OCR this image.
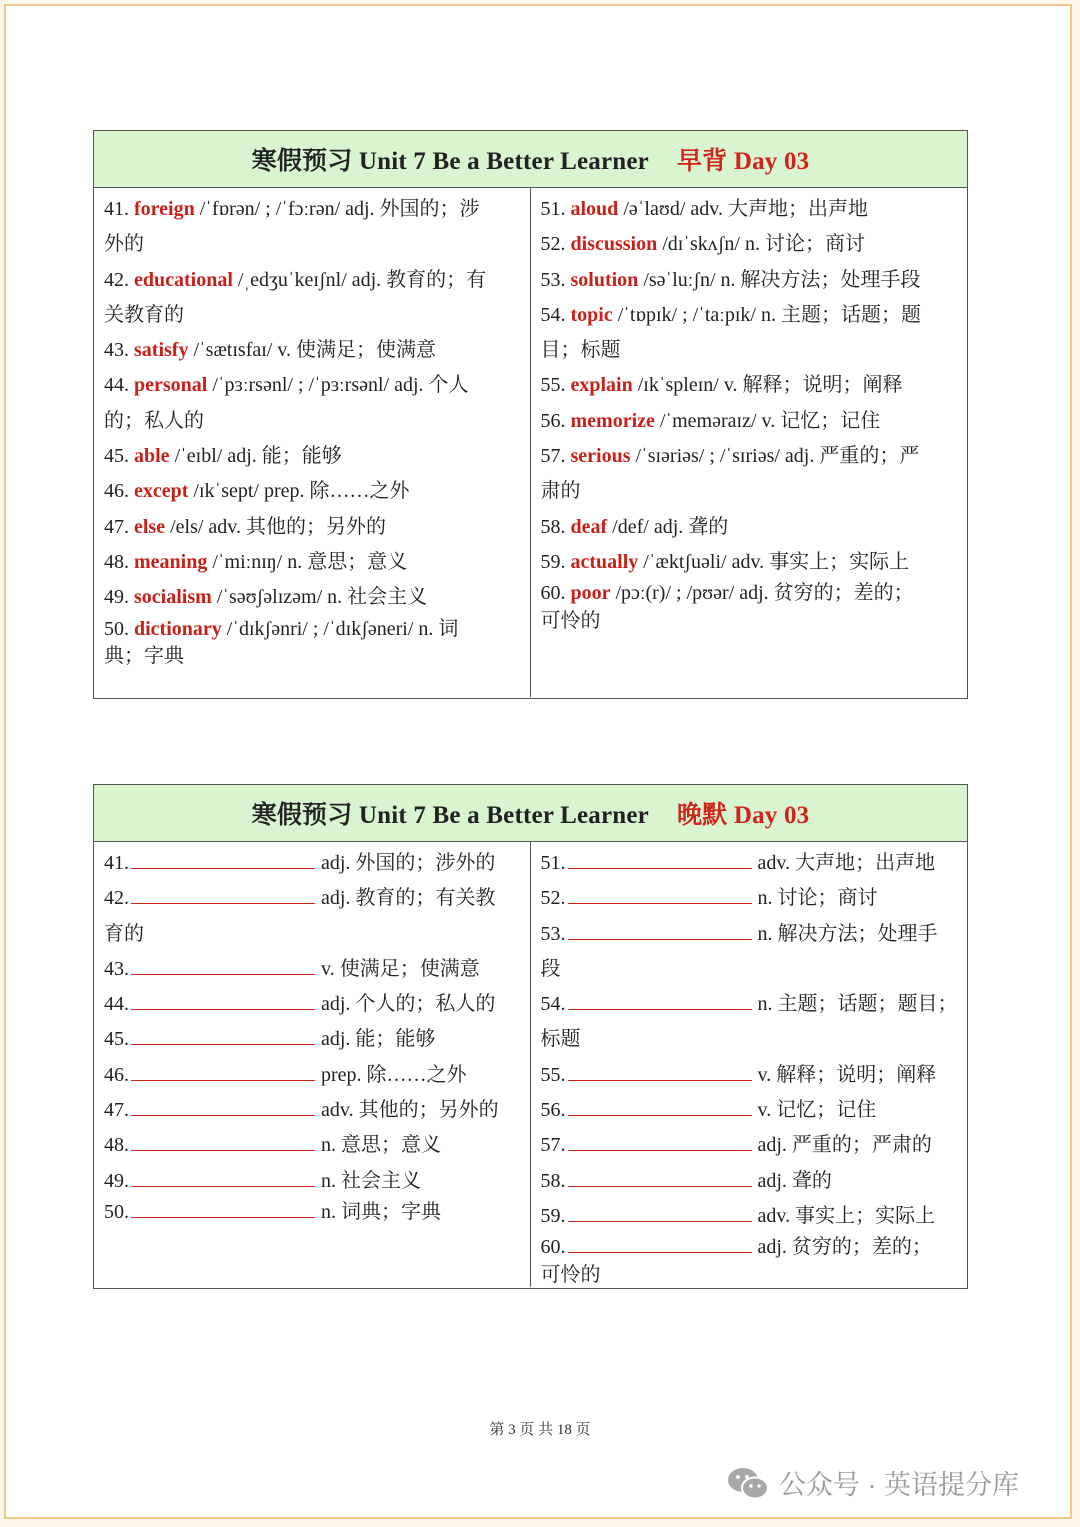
寒假预习 Unit 7 Be a Better Learner 早背 Day 03
41. foreign /ˈfɒrən/ ; /ˈfɔːrən/ adj. 外国的；涉
外的
42. educational /ˌedʒuˈkeɪʃnl/ adj. 教育的；有
关教育的
43. satisfy /ˈsætɪsfaɪ/ v. 使满足；使满意
44. personal /ˈpɜːrsənl/ ; /ˈpɜːrsənl/ adj. 个人
的；私人的
45. able /ˈeɪbl/ adj. 能；能够
46. except /ɪkˈsept/ prep. 除……之外
47. else /els/ adv. 其他的；另外的
48. meaning /ˈmiːnɪŋ/ n. 意思；意义
49. socialism /ˈsəʊʃəlɪzəm/ n. 社会主义
50. dictionary /ˈdɪkʃənri/ ; /ˈdɪkʃəneri/ n. 词
典；字典
51. aloud /əˈlaʊd/ adv. 大声地；出声地
52. discussion /dɪˈskʌʃn/ n. 讨论；商讨
53. solution /səˈluːʃn/ n. 解决方法；处理手段
54. topic /ˈtɒpɪk/ ; /ˈtaːpɪk/ n. 主题；话题；题
目；标题
55. explain /ɪkˈspleɪn/ v. 解释；说明；阐释
56. memorize /ˈmeməraɪz/ v. 记忆；记住
57. serious /ˈsɪəriəs/ ; /ˈsɪriəs/ adj. 严重的；严
肃的
58. deaf /def/ adj. 聋的
59. actually /ˈæktʃuəli/ adv. 事实上；实际上
60. poor /pɔː(r)/ ; /pʊər/ adj. 贫穷的；差的；
可怜的
寒假预习 Unit 7 Be a Better Learner 晚默 Day 03
41.	adj. 外国的；涉外的
42.	adj. 教育的；有关教
育的
43.	v. 使满足；使满意
44.	adj. 个人的；私人的
45.	adj. 能；能够
46.	prep. 除……之外
47.	adv. 其他的；另外的
48.	n. 意思；意义
49.	n. 社会主义
50.	n. 词典；字典
51.	adv. 大声地；出声地
52.	n. 讨论；商讨
53.	n. 解决方法；处理手
段
54.	n. 主题；话题；题目；
标题
55.	v. 解释；说明；阐释
56.	v. 记忆；记住
57.	adj. 严重的；严肃的
58.	adj. 聋的
59.	adv. 事实上；实际上
60.	adj. 贫穷的；差的；
可怜的
第 3 页 共 18 页
公众号 · 英语提分库
